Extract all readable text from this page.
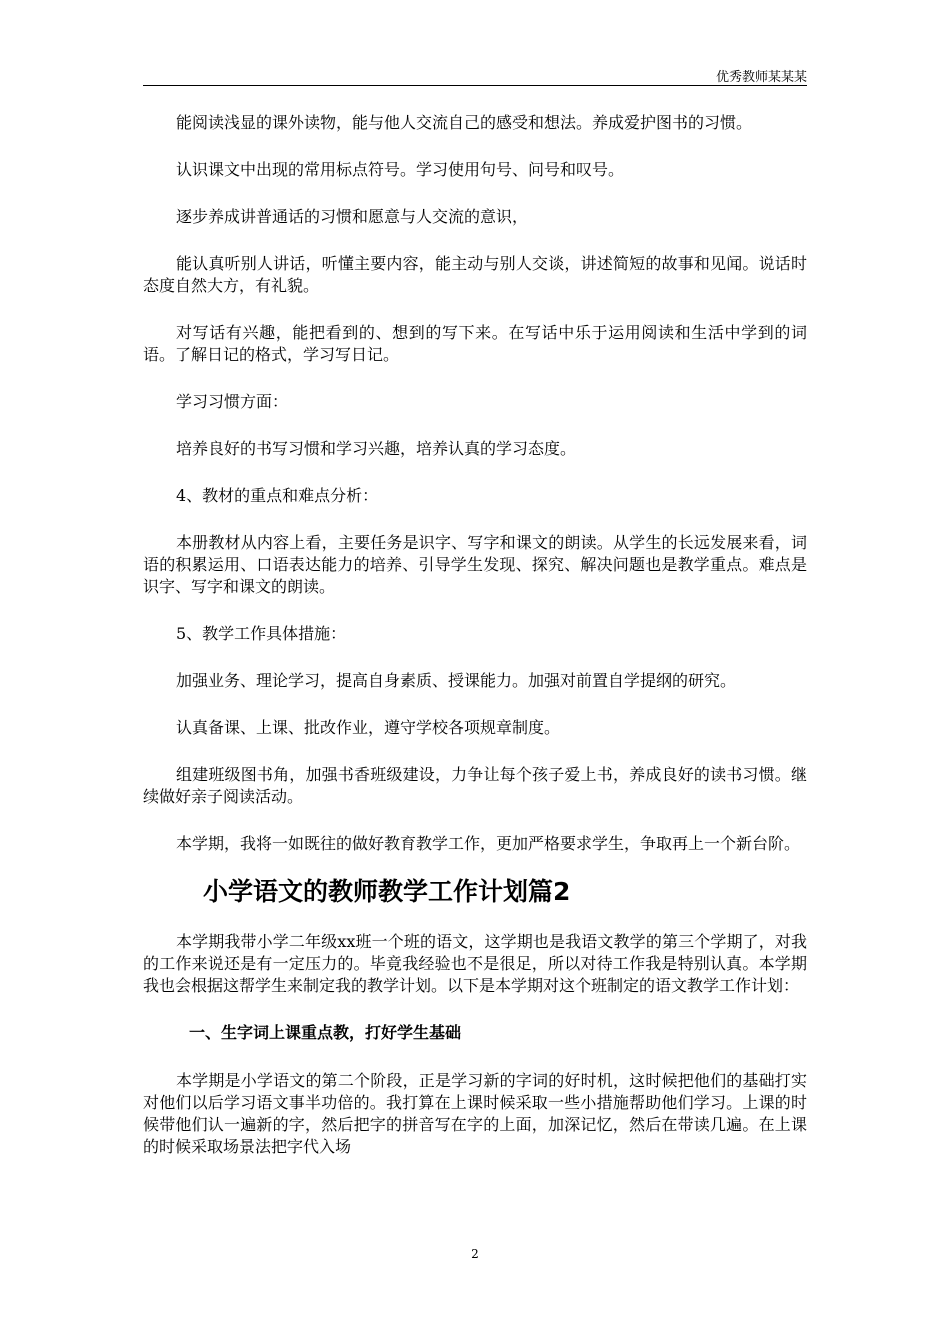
优秀教师某某某

能阅读浅显的课外读物，能与他人交流自己的感受和想法。养成爱护图书的习惯。

认识课文中出现的常用标点符号。学习使用句号、问号和叹号。

逐步养成讲普通话的习惯和愿意与人交流的意识，

能认真听别人讲话，听懂主要内容，能主动与别人交谈，讲述简短的故事和见闻。说话时态度自然大方，有礼貌。

对写话有兴趣，能把看到的、想到的写下来。在写话中乐于运用阅读和生活中学到的词语。了解日记的格式，学习写日记。

学习习惯方面：

培养良好的书写习惯和学习兴趣，培养认真的学习态度。

4、教材的重点和难点分析：

本册教材从内容上看，主要任务是识字、写字和课文的朗读。从学生的长远发展来看，词语的积累运用、口语表达能力的培养、引导学生发现、探究、解决问题也是教学重点。难点是识字、写字和课文的朗读。

5、教学工作具体措施：

加强业务、理论学习，提高自身素质、授课能力。加强对前置自学提纲的研究。

认真备课、上课、批改作业，遵守学校各项规章制度。

组建班级图书角，加强书香班级建设，力争让每个孩子爱上书，养成良好的读书习惯。继续做好亲子阅读活动。

本学期，我将一如既往的做好教育教学工作，更加严格要求学生，争取再上一个新台阶。

小学语文的教师教学工作计划篇2

本学期我带小学二年级xx班一个班的语文，这学期也是我语文教学的第三个学期了，对我的工作来说还是有一定压力的。毕竟我经验也不是很足，所以对待工作我是特别认真。本学期我也会根据这帮学生来制定我的教学计划。以下是本学期对这个班制定的语文教学工作计划：

一、生字词上课重点教，打好学生基础

本学期是小学语文的第二个阶段，正是学习新的字词的好时机，这时候把他们的基础打实对他们以后学习语文事半功倍的。我打算在上课时候采取一些小措施帮助他们学习。上课的时候带他们认一遍新的字，然后把字的拼音写在字的上面，加深记忆，然后在带读几遍。在上课的时候采取场景法把字代入场

2
